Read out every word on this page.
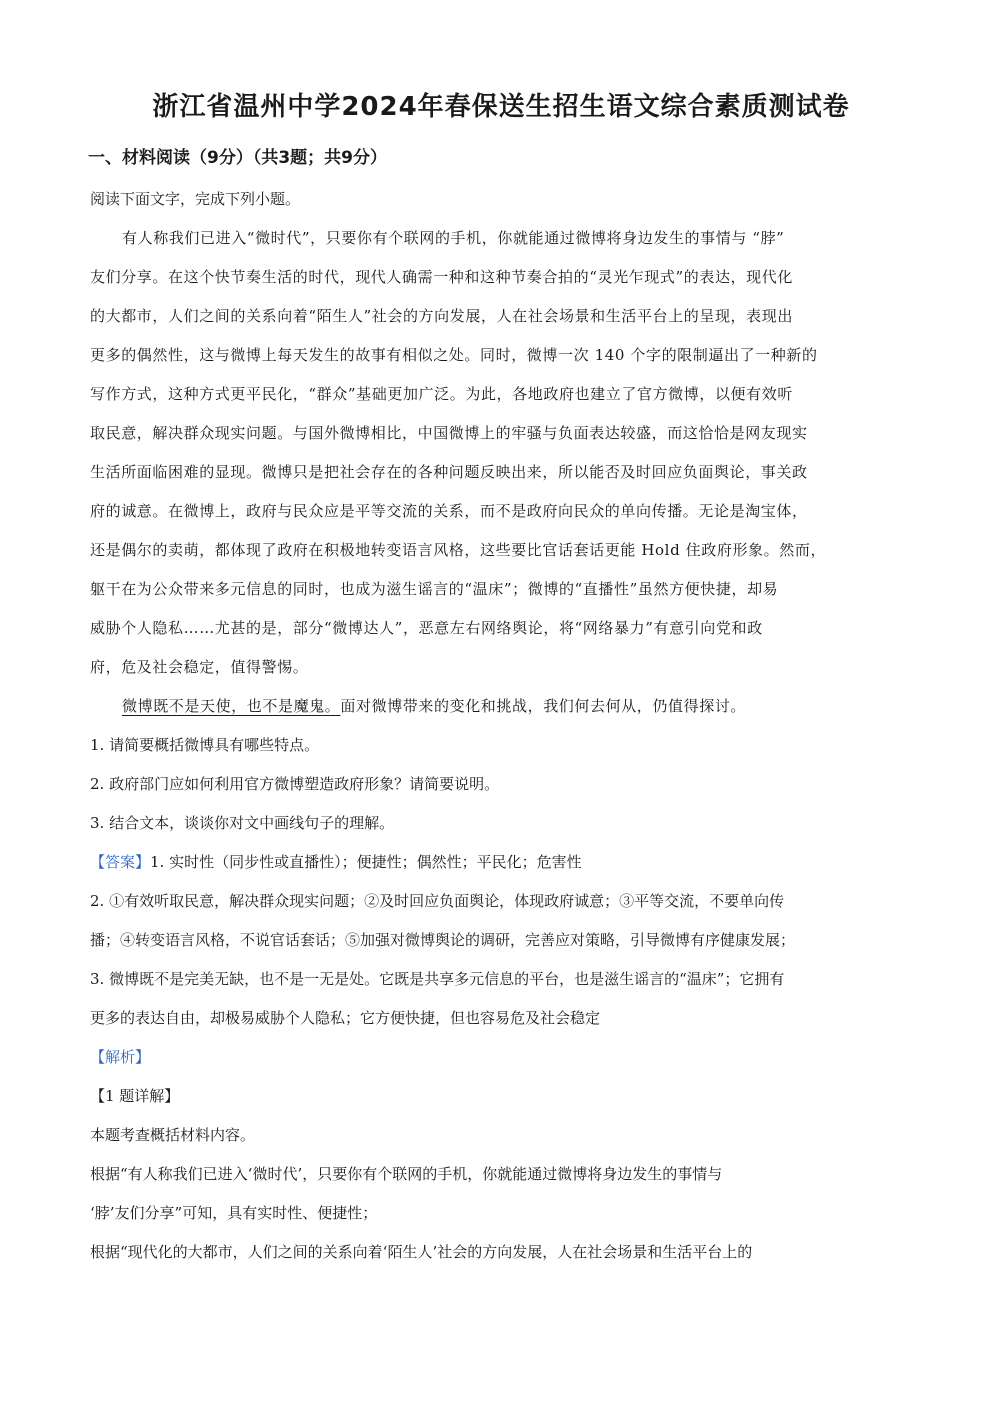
浙江省温州中学2024年春保送生招生语文综合素质测试卷
一、材料阅读（9分）（共3题；共9分）

阅读下面文字，完成下列小题。

有人称我们已进入“微时代”，只要你有个联网的手机，你就能通过微博将身边发生的事情与 “脖”

友们分享。在这个快节奏生活的时代，现代人确需一种和这种节奏合拍的“灵光乍现式”的表达，现代化

的大都市，人们之间的关系向着“陌生人”社会的方向发展，人在社会场景和生活平台上的呈现，表现出

更多的偶然性，这与微博上每天发生的故事有相似之处。同时，微博一次 140 个字的限制逼出了一种新的

写作方式，这种方式更平民化，“群众”基础更加广泛。为此，各地政府也建立了官方微博，以便有效听

取民意，解决群众现实问题。与国外微博相比，中国微博上的牢骚与负面表达较盛，而这恰恰是网友现实

生活所面临困难的显现。微博只是把社会存在的各种问题反映出来，所以能否及时回应负面舆论，事关政

府的诚意。在微博上，政府与民众应是平等交流的关系，而不是政府向民众的单向传播。无论是淘宝体，

还是偶尔的卖萌，都体现了政府在积极地转变语言风格，这些要比官话套话更能 Hold 住政府形象。然而，

躯干在为公众带来多元信息的同时，也成为滋生谣言的“温床”；微博的“直播性”虽然方便快捷，却易

威胁个人隐私……尤甚的是，部分“微博达人”，恶意左右网络舆论，将“网络暴力”有意引向党和政

府，危及社会稳定，值得警惕。

微博既不是天使，也不是魔鬼。面对微博带来的变化和挑战，我们何去何从，仍值得探讨。

1. 请简要概括微博具有哪些特点。

2. 政府部门应如何利用官方微博塑造政府形象？请简要说明。

3. 结合文本，谈谈你对文中画线句子的理解。

【答案】1. 实时性（同步性或直播性）；便捷性；偶然性；平民化；危害性

2. ①有效听取民意，解决群众现实问题；②及时回应负面舆论，体现政府诚意；③平等交流，不要单向传

播；④转变语言风格，不说官话套话；⑤加强对微博舆论的调研，完善应对策略，引导微博有序健康发展；

3. 微博既不是完美无缺，也不是一无是处。它既是共享多元信息的平台，也是滋生谣言的“温床”；它拥有

更多的表达自由，却极易威胁个人隐私；它方便快捷，但也容易危及社会稳定

【解析】

【1 题详解】

本题考查概括材料内容。

根据“有人称我们已进入‘微时代’，只要你有个联网的手机，你就能通过微博将身边发生的事情与

‘脖’友们分享”可知，具有实时性、便捷性；

根据“现代化的大都市，人们之间的关系向着‘陌生人’社会的方向发展，人在社会场景和生活平台上的
